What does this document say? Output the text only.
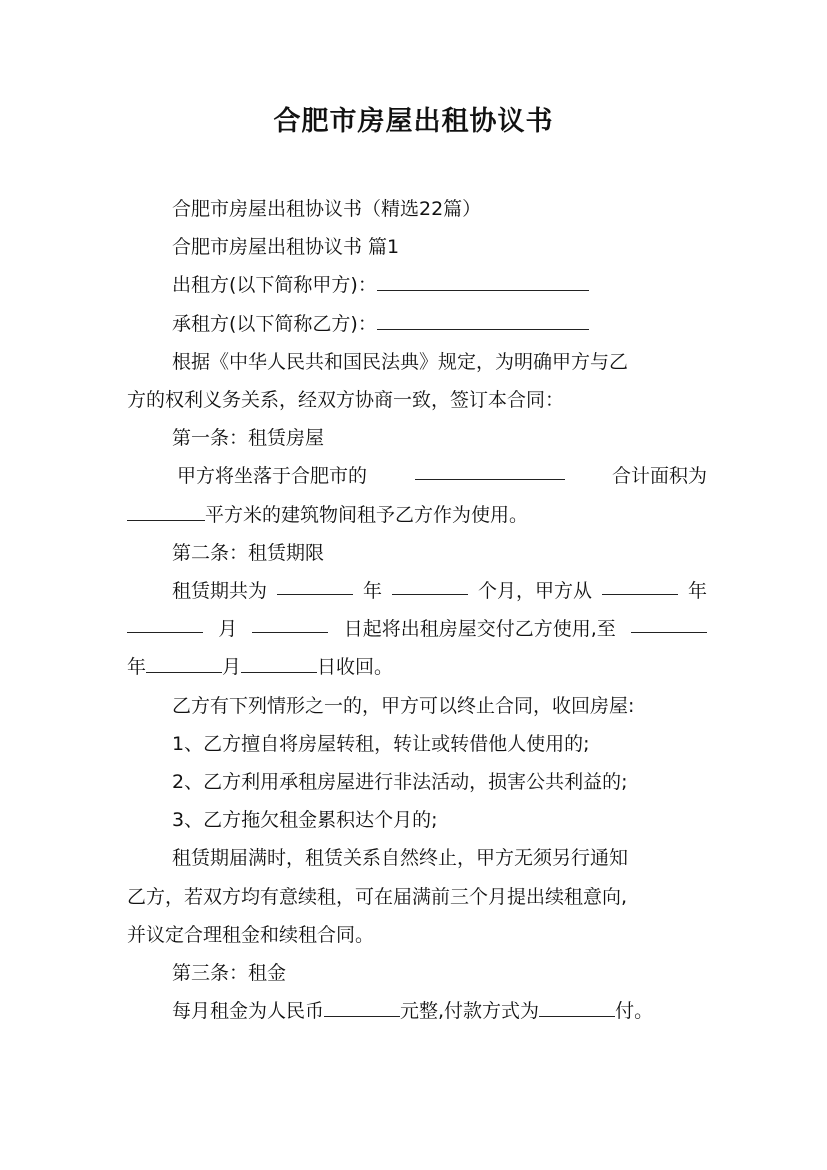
合肥市房屋出租协议书

合肥市房屋出租协议书（精选22篇）

合肥市房屋出租协议书 篇1

出租方(以下简称甲方)：

承租方(以下简称乙方)：

根据《中华人民共和国民法典》规定，为明确甲方与乙

方的权利义务关系，经双方协商一致，签订本合同：

第一条：租赁房屋

甲方将坐落于合肥市的	合计面积为

平方米的建筑物间租予乙方作为使用。

第二条：租赁期限

租赁期共为	年	个月，甲方从	年
月	日起将出租房屋交付乙方使用,至

年	月	日收回。

乙方有下列情形之一的，甲方可以终止合同，收回房屋:

1、乙方擅自将房屋转租，转让或转借他人使用的;

2、乙方利用承租房屋进行非法活动，损害公共利益的;

3、乙方拖欠租金累积达个月的;

租赁期届满时，租赁关系自然终止，甲方无须另行通知

乙方，若双方均有意续租，可在届满前三个月提出续租意向,

并议定合理租金和续租合同。

第三条：租金

每月租金为人民币	元整,付款方式为	付。
